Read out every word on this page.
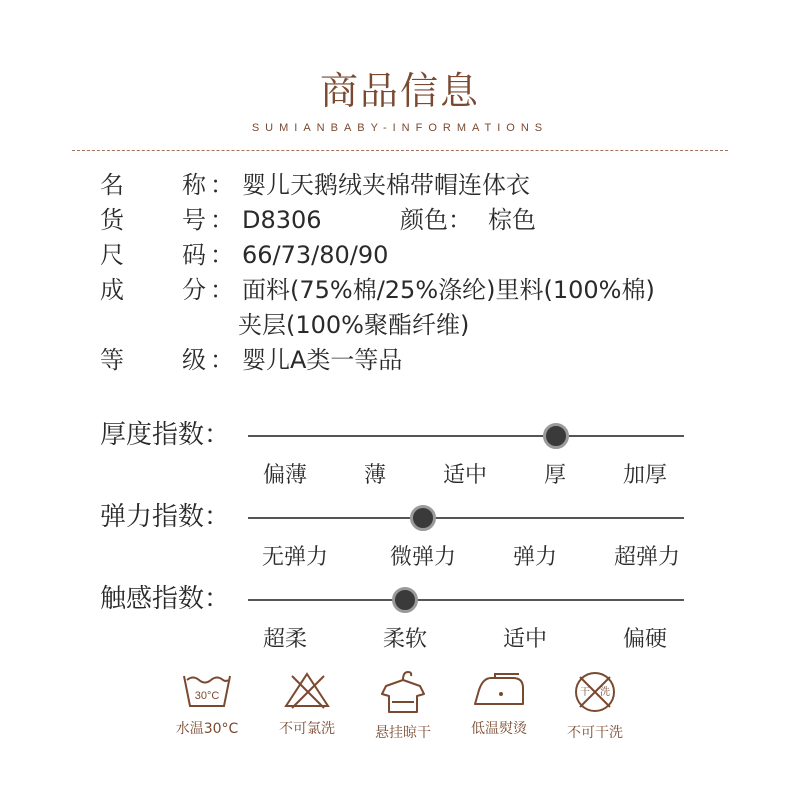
商品信息
SUMIANBABY-INFORMATIONS
名 称 ： 婴儿天鹅绒夹棉带帽连体衣
货 号 ： D8306	颜色： 棕色
尺 码 ： 66/73/80/90
成 分 ： 面料(75%棉/25%涤纶)里料(100%棉)
夹层(100%聚酯纤维)
等 级 ： 婴儿A类一等品
厚度指数：
偏薄	薄	适中	厚	加厚
弹力指数：
无弹力	微弹力	弹力	超弹力
触感指数：
超柔	柔软	适中	偏硬
30°C
水温30°C	不可氯洗	悬挂晾干	低温熨烫
干 洗
不可干洗
